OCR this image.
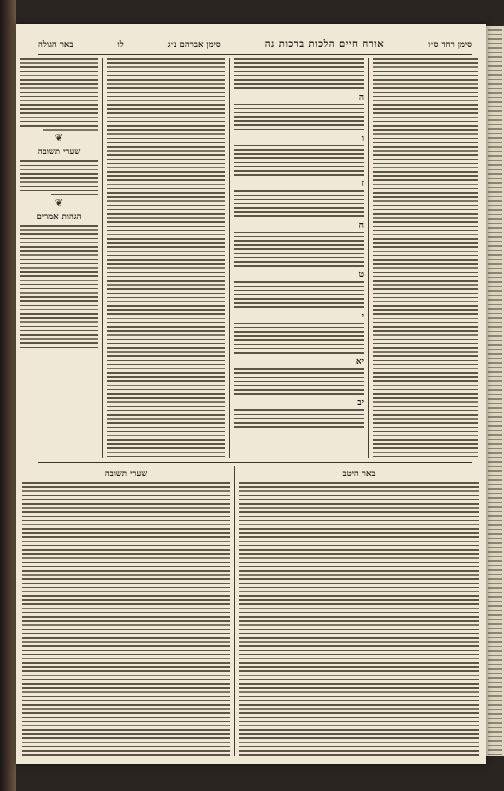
סימן רחד ס״ו
אורח חיים הלכות ברכות נה
סימן אברהם נ״ג
לו
באר הגולה
❦
שערי תשובה
❦
הגהות אמרים
ה
ו
ז
ח
ט
י
יא
יב
שערי תשובה	באר היטב
